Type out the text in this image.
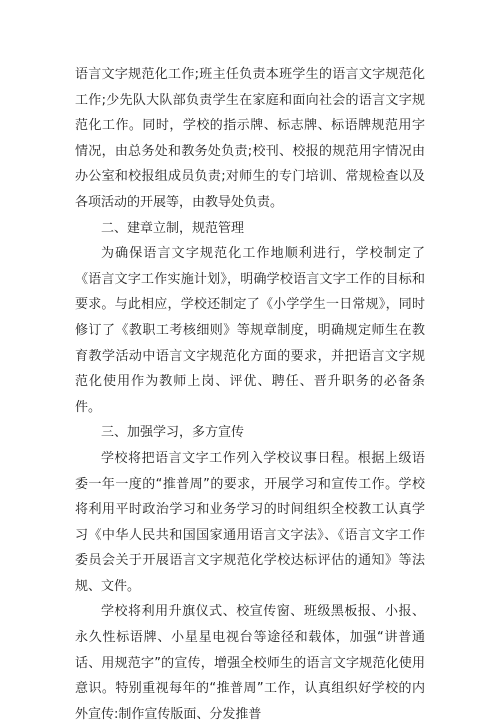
语言文字规范化工作;班主任负责本班学生的语言文字规范化工作;少先队大队部负责学生在家庭和面向社会的语言文字规范化工作。同时，学校的指示牌、标志牌、标语牌规范用字情况，由总务处和教务处负责;校刊、校报的规范用字情况由办公室和校报组成员负责;对师生的专门培训、常规检查以及各项活动的开展等，由教导处负责。

二、建章立制，规范管理

为确保语言文字规范化工作地顺利进行，学校制定了《语言文字工作实施计划》，明确学校语言文字工作的目标和要求。与此相应，学校还制定了《小学学生一日常规》，同时修订了《教职工考核细则》等规章制度，明确规定师生在教育教学活动中语言文字规范化方面的要求，并把语言文字规范化使用作为教师上岗、评优、聘任、晋升职务的必备条件。

三、加强学习，多方宣传

学校将把语言文字工作列入学校议事日程。根据上级语委一年一度的“推普周”的要求，开展学习和宣传工作。学校将利用平时政治学习和业务学习的时间组织全校教工认真学习《中华人民共和国国家通用语言文字法》、《语言文字工作委员会关于开展语言文字规范化学校达标评估的通知》等法规、文件。

学校将利用升旗仪式、校宣传窗、班级黑板报、小报、永久性标语牌、小星星电视台等途径和载体，加强“讲普通话、用规范字”的宣传，增强全校师生的语言文字规范化使用意识。特别重视每年的“推普周”工作，认真组织好学校的内外宣传:制作宣传版面、分发推普
